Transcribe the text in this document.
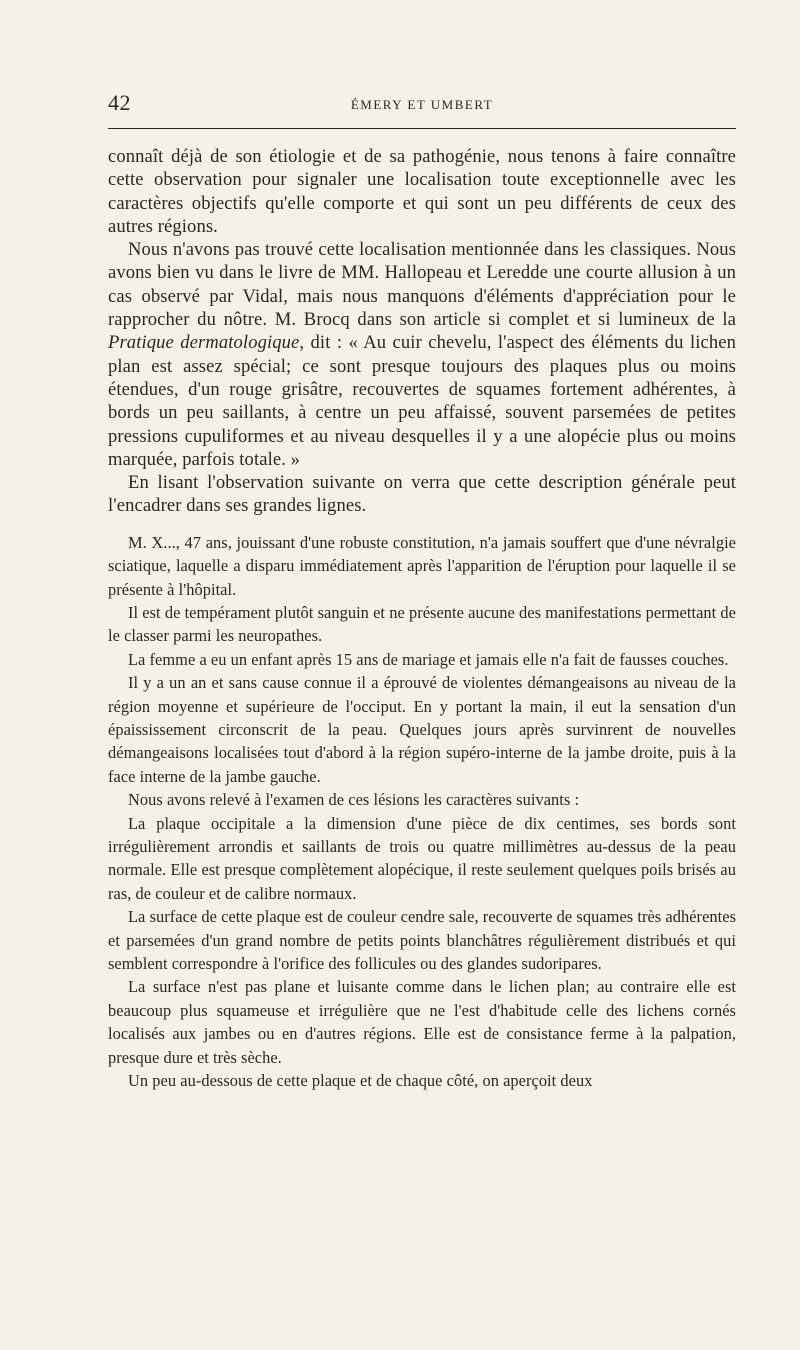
42	ÉMERY ET UMBERT

connaît déjà de son étiologie et de sa pathogénie, nous tenons à faire connaître cette observation pour signaler une localisation toute exceptionnelle avec les caractères objectifs qu'elle comporte et qui sont un peu différents de ceux des autres régions.

Nous n'avons pas trouvé cette localisation mentionnée dans les classiques. Nous avons bien vu dans le livre de MM. Hallopeau et Leredde une courte allusion à un cas observé par Vidal, mais nous manquons d'éléments d'appréciation pour le rapprocher du nôtre. M. Brocq dans son article si complet et si lumineux de la Pratique dermatologique, dit : « Au cuir chevelu, l'aspect des éléments du lichen plan est assez spécial; ce sont presque toujours des plaques plus ou moins étendues, d'un rouge grisâtre, recouvertes de squames fortement adhérentes, à bords un peu saillants, à centre un peu affaissé, souvent parsemées de petites pressions cupuliformes et au niveau desquelles il y a une alopécie plus ou moins marquée, parfois totale. »

En lisant l'observation suivante on verra que cette description générale peut l'encadrer dans ses grandes lignes.

M. X..., 47 ans, jouissant d'une robuste constitution, n'a jamais souffert que d'une névralgie sciatique, laquelle a disparu immédiatement après l'apparition de l'éruption pour laquelle il se présente à l'hôpital.

Il est de tempérament plutôt sanguin et ne présente aucune des manifestations permettant de le classer parmi les neuropathes.

La femme a eu un enfant après 15 ans de mariage et jamais elle n'a fait de fausses couches.

Il y a un an et sans cause connue il a éprouvé de violentes démangeaisons au niveau de la région moyenne et supérieure de l'occiput. En y portant la main, il eut la sensation d'un épaississement circonscrit de la peau. Quelques jours après survinrent de nouvelles démangeaisons localisées tout d'abord à la région supéro-interne de la jambe droite, puis à la face interne de la jambe gauche.

Nous avons relevé à l'examen de ces lésions les caractères suivants :

La plaque occipitale a la dimension d'une pièce de dix centimes, ses bords sont irrégulièrement arrondis et saillants de trois ou quatre millimètres au-dessus de la peau normale. Elle est presque complètement alopécique, il reste seulement quelques poils brisés au ras, de couleur et de calibre normaux.

La surface de cette plaque est de couleur cendre sale, recouverte de squames très adhérentes et parsemées d'un grand nombre de petits points blanchâtres régulièrement distribués et qui semblent correspondre à l'orifice des follicules ou des glandes sudoripares.

La surface n'est pas plane et luisante comme dans le lichen plan; au contraire elle est beaucoup plus squameuse et irrégulière que ne l'est d'habitude celle des lichens cornés localisés aux jambes ou en d'autres régions. Elle est de consistance ferme à la palpation, presque dure et très sèche.

Un peu au-dessous de cette plaque et de chaque côté, on aperçoit deux
